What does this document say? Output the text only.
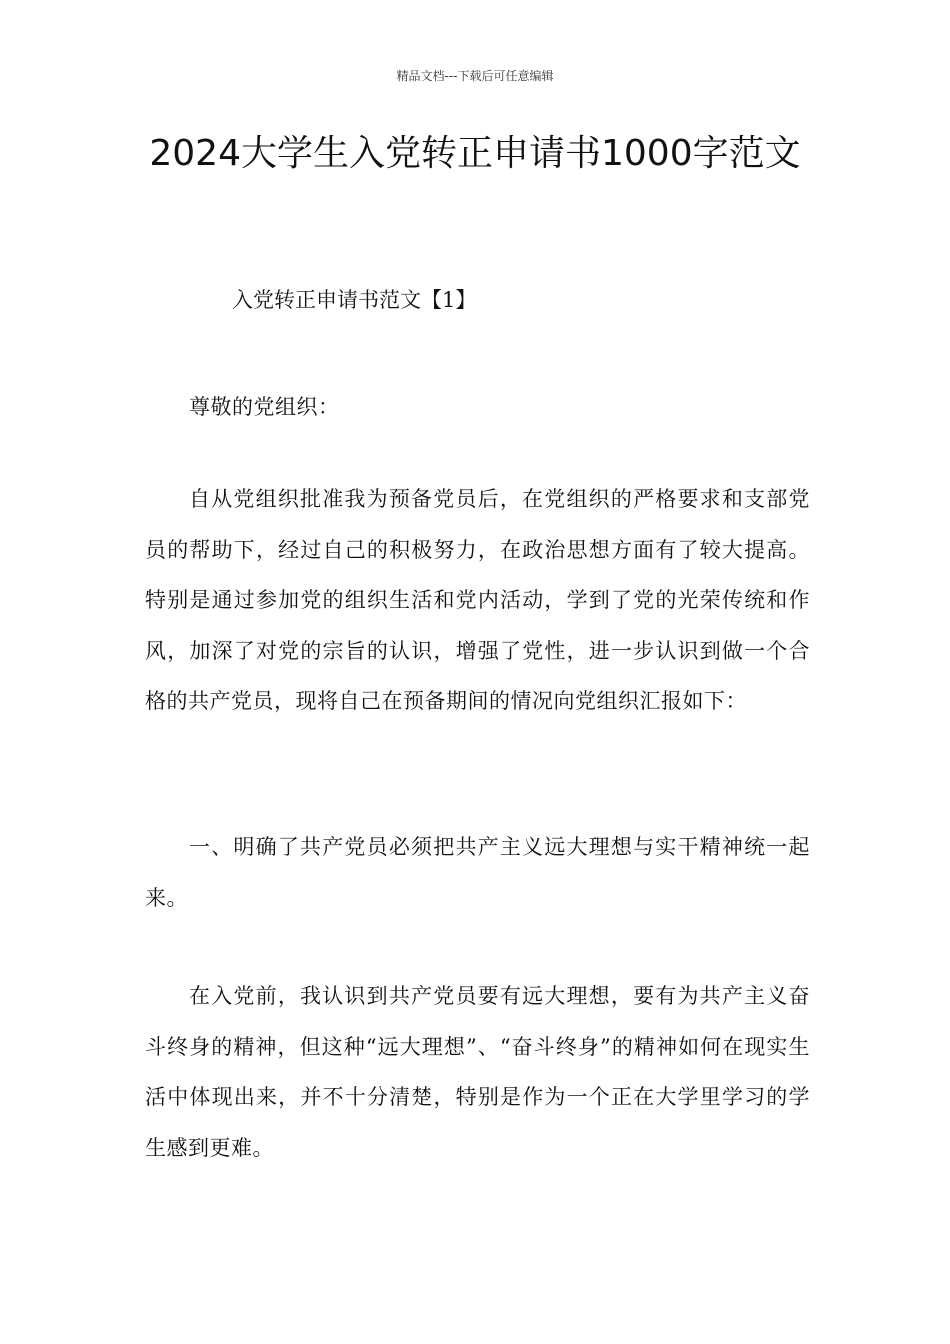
精品文档---下载后可任意编辑
2024大学生入党转正申请书1000字范文
入党转正申请书范文【1】

尊敬的党组织：

自从党组织批准我为预备党员后，在党组织的严格要求和支部党员的帮助下，经过自己的积极努力，在政治思想方面有了较大提高。特别是通过参加党的组织生活和党内活动，学到了党的光荣传统和作风，加深了对党的宗旨的认识，增强了党性，进一步认识到做一个合格的共产党员，现将自己在预备期间的情况向党组织汇报如下：

一、明确了共产党员必须把共产主义远大理想与实干精神统一起来。

在入党前，我认识到共产党员要有远大理想，要有为共产主义奋斗终身的精神，但这种“远大理想”、“奋斗终身”的精神如何在现实生活中体现出来，并不十分清楚，特别是作为一个正在大学里学习的学生感到更难。
